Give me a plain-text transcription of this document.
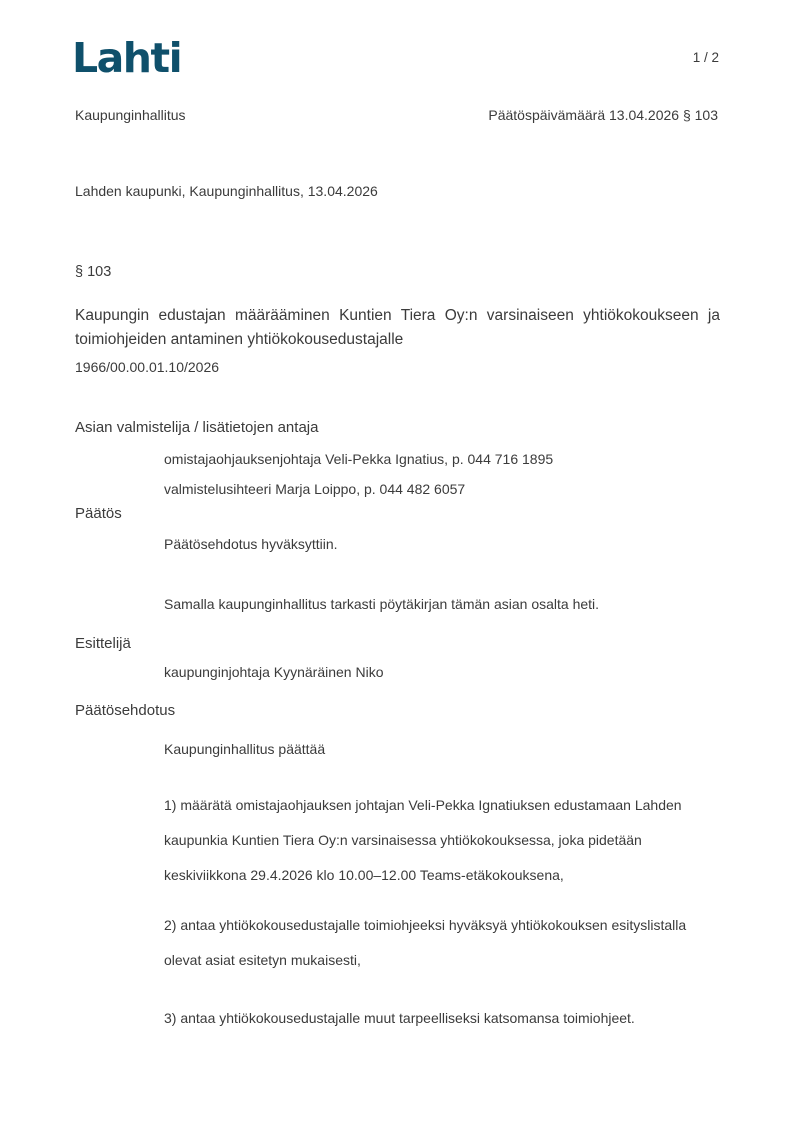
Lahti	1 / 2
Kaupunginhallitus	Päätöspäivämäärä 13.04.2026 § 103
Lahden kaupunki, Kaupunginhallitus, 13.04.2026
§ 103
Kaupungin edustajan määrääminen Kuntien Tiera Oy:n varsinaiseen yhtiökokoukseen ja toimiohjeiden antaminen yhtiökokousedustajalle
1966/00.00.01.10/2026
Asian valmistelija / lisätietojen antaja
omistajaohjauksenjohtaja Veli-Pekka Ignatius, p. 044 716 1895
valmistelusihteeri Marja Loippo, p. 044 482 6057
Päätös
Päätösehdotus hyväksyttiin.
Samalla kaupunginhallitus tarkasti pöytäkirjan tämän asian osalta heti.
Esittelijä
kaupunginjohtaja Kyynäräinen Niko
Päätösehdotus
Kaupunginhallitus päättää
1) määrätä omistajaohjauksen johtajan Veli-Pekka Ignatiuksen edustamaan Lahden kaupunkia Kuntien Tiera Oy:n varsinaisessa yhtiökokouksessa, joka pidetään keskiviikkona 29.4.2026 klo 10.00–12.00 Teams-etäkokouksena,
2) antaa yhtiökokousedustajalle toimiohjeeksi hyväksyä yhtiökokouksen esityslistalla olevat asiat esitetyn mukaisesti,
3) antaa yhtiökokousedustajalle muut tarpeelliseksi katsomansa toimiohjeet.
